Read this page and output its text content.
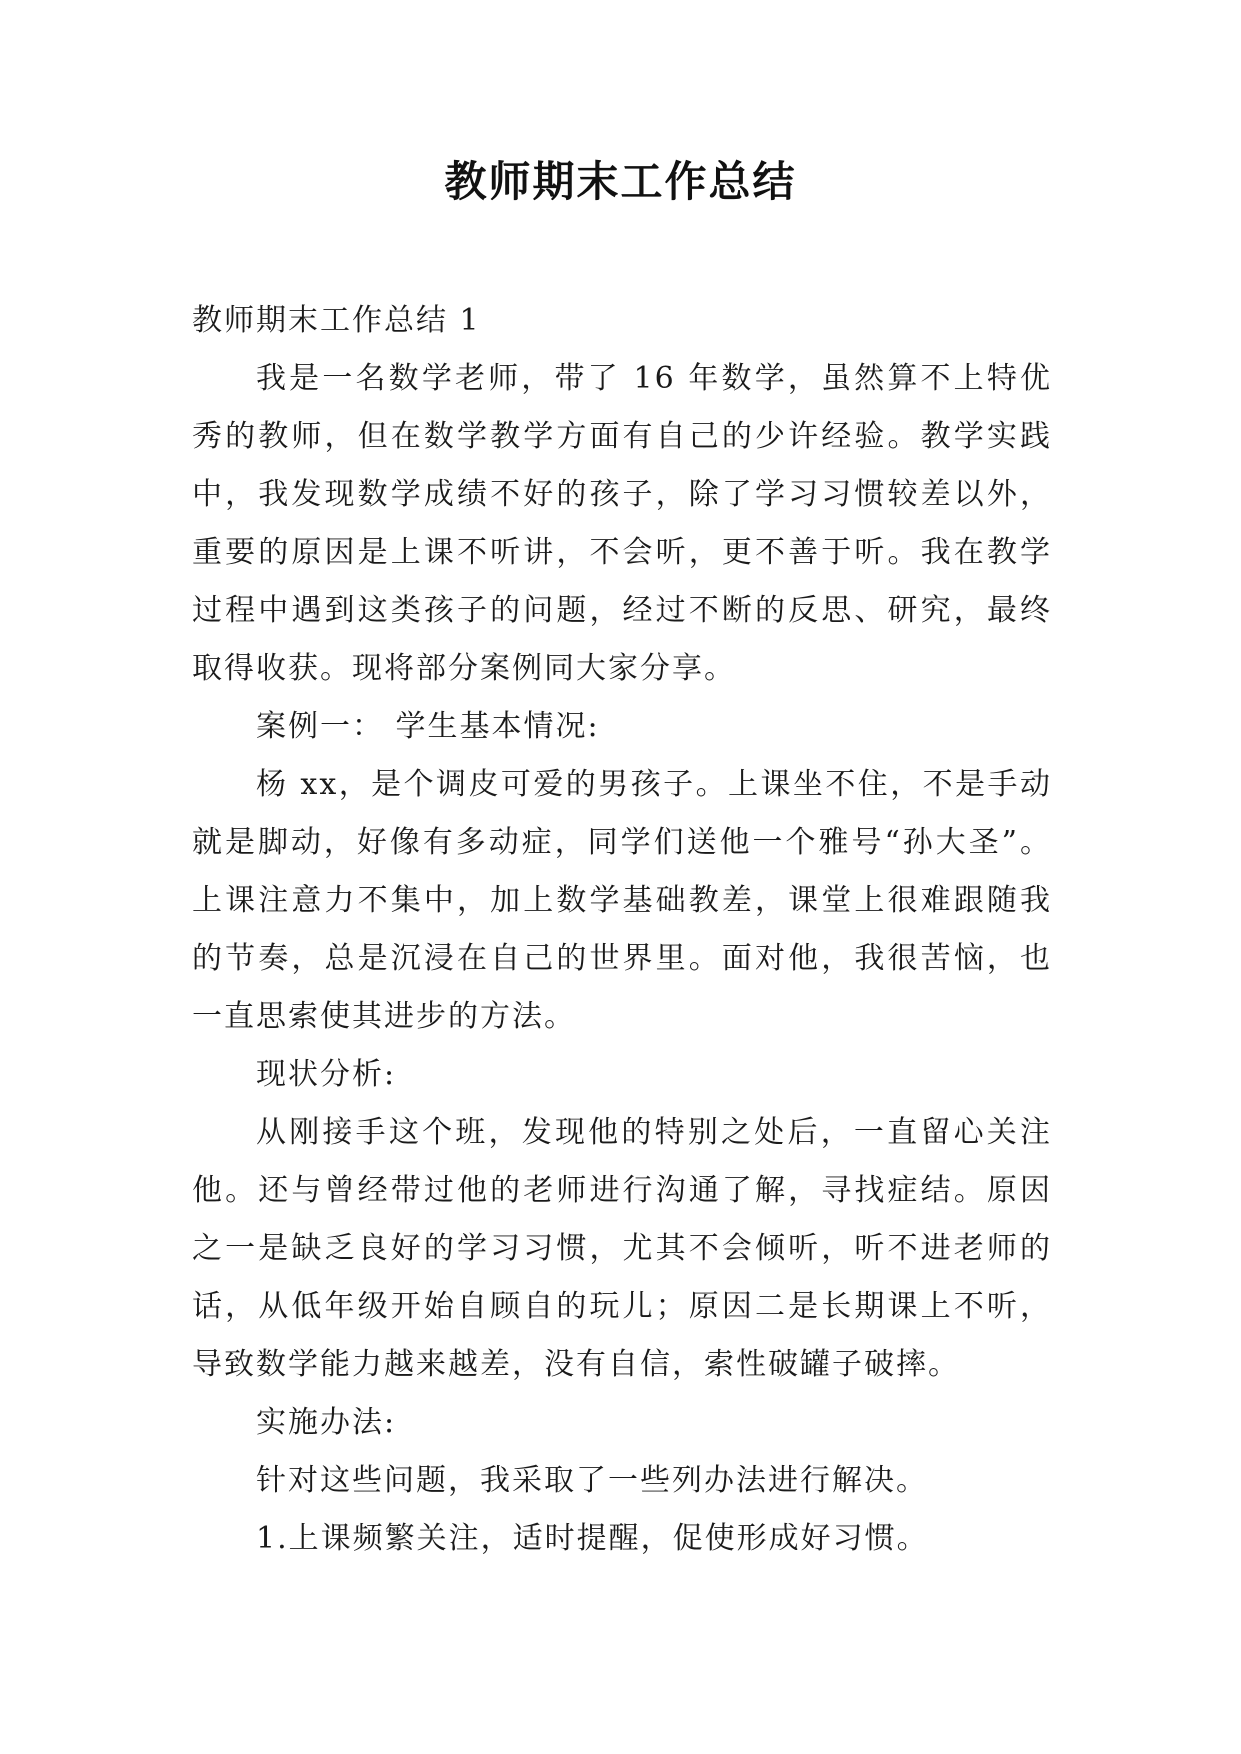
教师期末工作总结

教师期末工作总结 1

我是一名数学老师，带了 16 年数学，虽然算不上特优秀的教师，但在数学教学方面有自己的少许经验。教学实践中，我发现数学成绩不好的孩子，除了学习习惯较差以外，重要的原因是上课不听讲，不会听，更不善于听。我在教学过程中遇到这类孩子的问题，经过不断的反思、研究，最终取得收获。现将部分案例同大家分享。

案例一： 学生基本情况:

杨 xx，是个调皮可爱的男孩子。上课坐不住，不是手动就是脚动，好像有多动症，同学们送他一个雅号“孙大圣”。上课注意力不集中，加上数学基础教差，课堂上很难跟随我的节奏，总是沉浸在自己的世界里。面对他，我很苦恼，也一直思索使其进步的方法。

现状分析:

从刚接手这个班，发现他的特别之处后，一直留心关注他。还与曾经带过他的老师进行沟通了解，寻找症结。原因之一是缺乏良好的学习习惯，尤其不会倾听，听不进老师的话，从低年级开始自顾自的玩儿；原因二是长期课上不听，导致数学能力越来越差，没有自信，索性破罐子破摔。

实施办法:

针对这些问题，我采取了一些列办法进行解决。

1.上课频繁关注，适时提醒，促使形成好习惯。
